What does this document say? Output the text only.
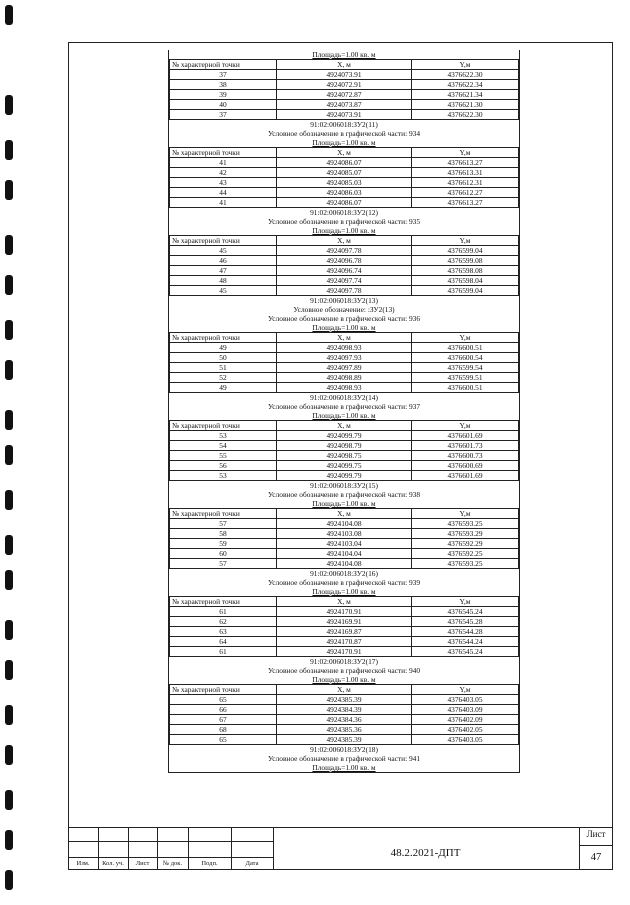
Площадь=1.00 кв. м
№ характерной точки	X, м	Y,м
37	4924073.91	4376622.30
38	4924072.91	4376622.34
39	4924072.87	4376621.34
40	4924073.87	4376621.30
37	4924073.91	4376622.30
91:02:006018:ЗУ2(11)
Условное обозначение в графической части: 934
Площадь=1.00 кв. м
№ характерной точки	X, м	Y,м
41	4924086.07	4376613.27
42	4924085.07	4376613.31
43	4924085.03	4376612.31
44	4924086.03	4376612.27
41	4924086.07	4376613.27
91:02:006018:ЗУ2(12)
Условное обозначение в графической части: 935
Площадь=1.00 кв. м
№ характерной точки	X, м	Y,м
45	4924097.78	4376599.04
46	4924096.78	4376599.08
47	4924096.74	4376598.08
48	4924097.74	4376598.04
45	4924097.78	4376599.04
91:02:006018:ЗУ2(13)
Условное обозначение: :ЗУ2(13)
Условное обозначение в графической части: 936
Площадь=1.00 кв. м
№ характерной точки	X, м	Y,м
49	4924098.93	4376600.51
50	4924097.93	4376600.54
51	4924097.89	4376599.54
52	4924098.89	4376599.51
49	4924098.93	4376600.51
91:02:006018:ЗУ2(14)
Условное обозначение в графической части: 937
Площадь=1.00 кв. м
№ характерной точки	X, м	Y,м
53	4924099.79	4376601.69
54	4924098.79	4376601.73
55	4924098.75	4376600.73
56	4924099.75	4376600.69
53	4924099.79	4376601.69
91:02:006018:ЗУ2(15)
Условное обозначение в графической части: 938
Площадь=1.00 кв. м
№ характерной точки	X, м	Y,м
57	4924104.08	4376593.25
58	4924103.08	4376593.29
59	4924103.04	4376592.29
60	4924104.04	4376592.25
57	4924104.08	4376593.25
91:02:006018:ЗУ2(16)
Условное обозначение в графической части: 939
Площадь=1.00 кв. м
№ характерной точки	X, м	Y,м
61	4924170.91	4376545.24
62	4924169.91	4376545.28
63	4924169.87	4376544.28
64	4924170.87	4376544.24
61	4924170.91	4376545.24
91:02:006018:ЗУ2(17)
Условное обозначение в графической части: 940
Площадь=1.00 кв. м
№ характерной точки	X, м	Y,м
65	4924385.39	4376403.05
66	4924384.39	4376403.09
67	4924384.36	4376402.09
68	4924385.36	4376402.05
65	4924385.39	4376403.05
91:02:006018:ЗУ2(18)
Условное обозначение в графической части: 941
Площадь=1.00 кв. м
Изм.	Кол. уч.	Лист	№ док.	Подп.	Дата
48.2.2021-ДПТ
Лист
47
